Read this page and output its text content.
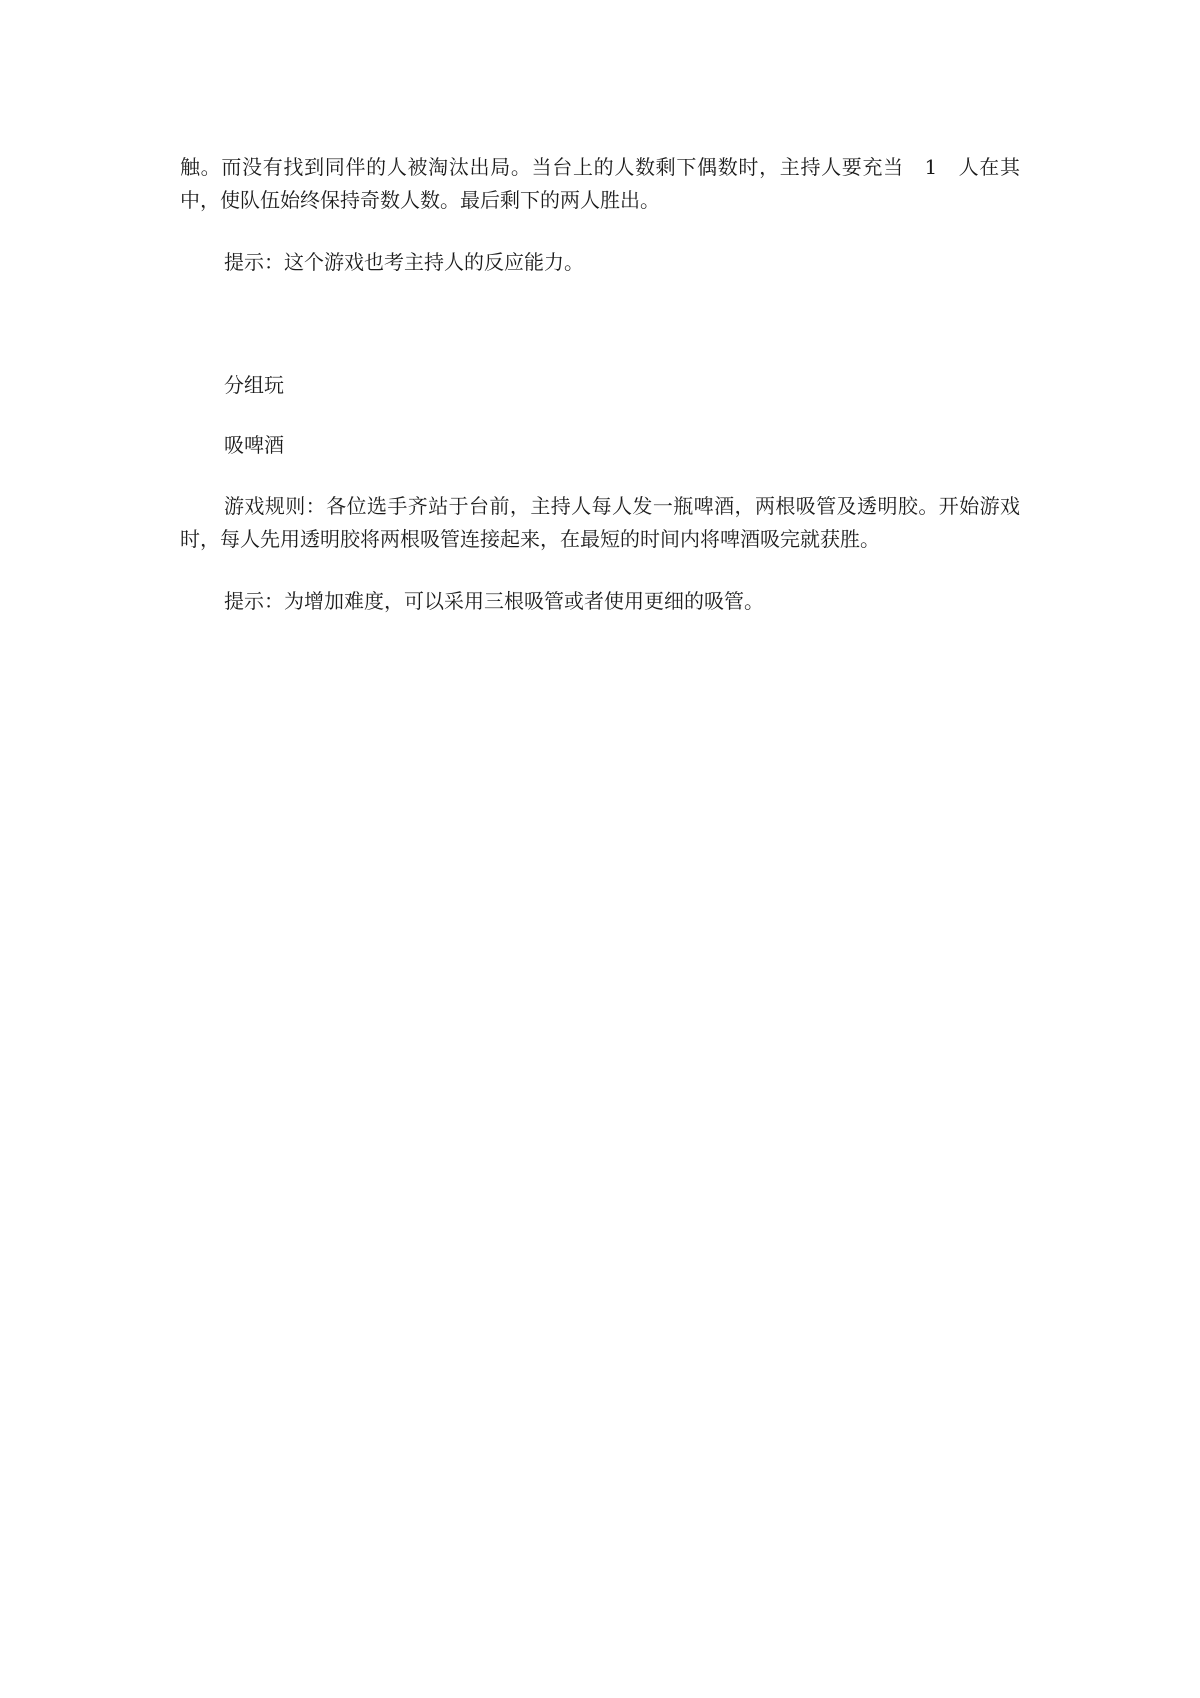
触。而没有找到同伴的人被淘汰出局。当台上的人数剩下偶数时，主持人要充当　1　人在其中，使队伍始终保持奇数人数。最后剩下的两人胜出。

提示：这个游戏也考主持人的反应能力。

分组玩

吸啤酒

游戏规则：各位选手齐站于台前，主持人每人发一瓶啤酒，两根吸管及透明胶。开始游戏时，每人先用透明胶将两根吸管连接起来，在最短的时间内将啤酒吸完就获胜。

提示：为增加难度，可以采用三根吸管或者使用更细的吸管。
